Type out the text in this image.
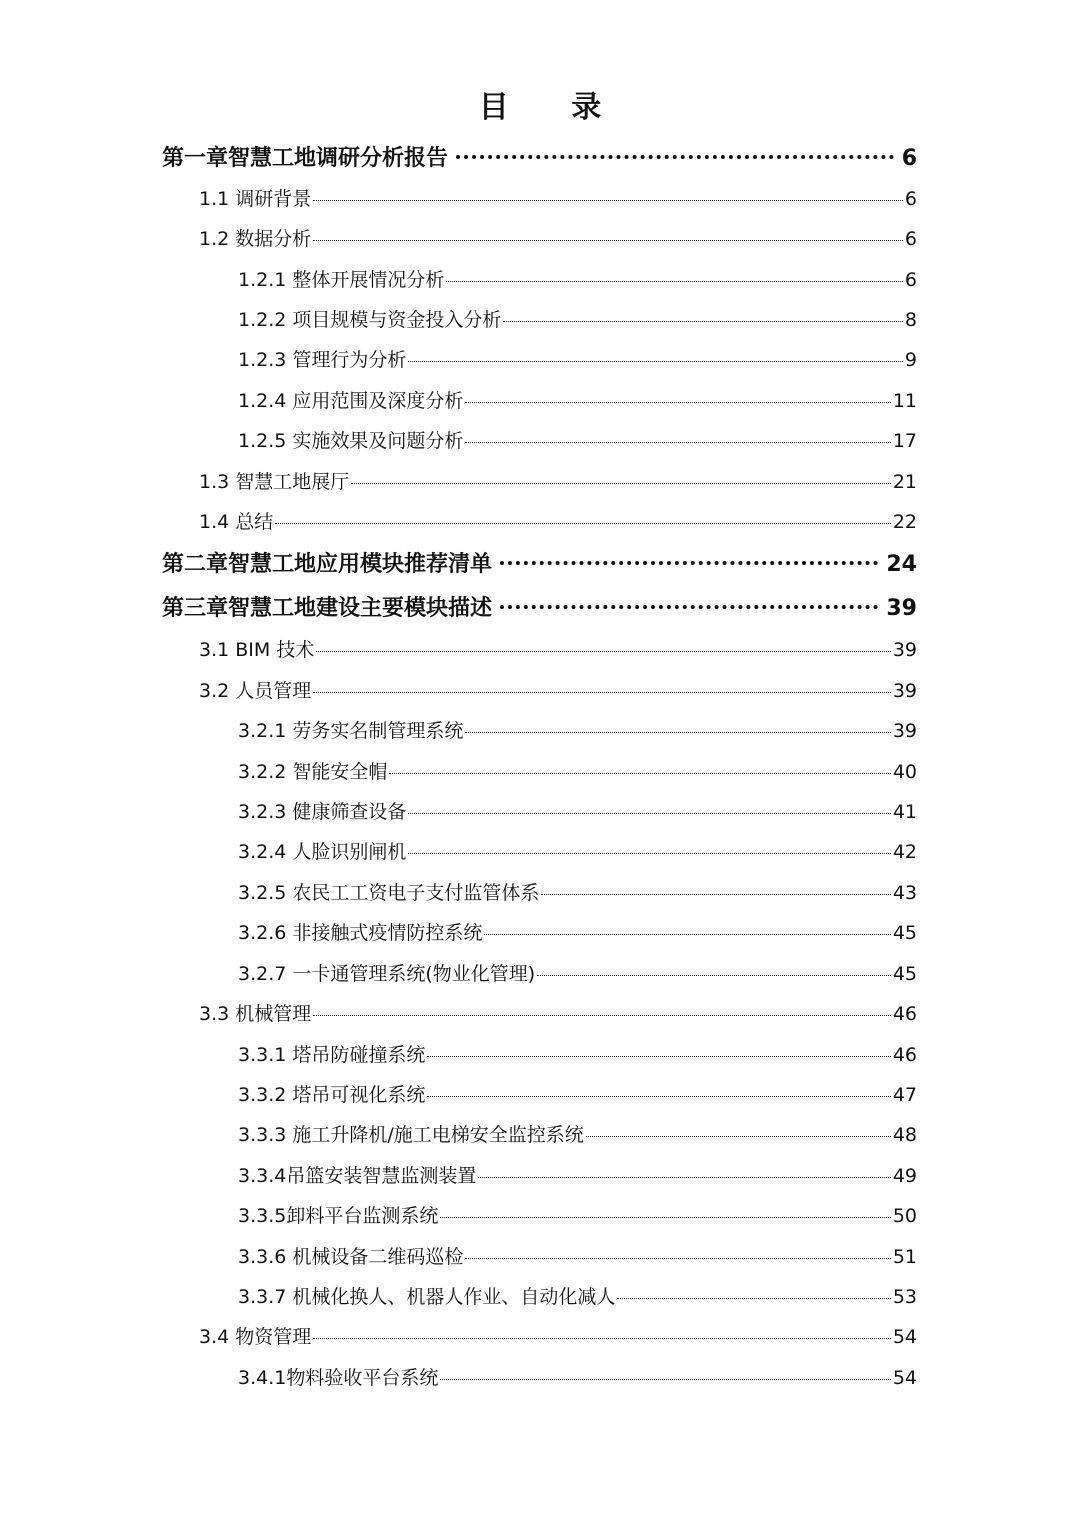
目 录
第一章智慧工地调研分析报告	6
1.1 调研背景	6
1.2 数据分析	6
1.2.1 整体开展情况分析	6
1.2.2 项目规模与资金投入分析	8
1.2.3 管理行为分析	9
1.2.4 应用范围及深度分析	11
1.2.5 实施效果及问题分析	17
1.3 智慧工地展厅	21
1.4 总结	22
第二章智慧工地应用模块推荐清单	24
第三章智慧工地建设主要模块描述	39
3.1 BIM 技术	39
3.2 人员管理	39
3.2.1 劳务实名制管理系统	39
3.2.2 智能安全帽	40
3.2.3 健康筛查设备	41
3.2.4 人脸识别闸机	42
3.2.5 农民工工资电子支付监管体系	43
3.2.6 非接触式疫情防控系统	45
3.2.7 一卡通管理系统(物业化管理)	45
3.3 机械管理	46
3.3.1 塔吊防碰撞系统	46
3.3.2 塔吊可视化系统	47
3.3.3 施工升降机/施工电梯安全监控系统	48
3.3.4吊篮安装智慧监测装置	49
3.3.5卸料平台监测系统	50
3.3.6 机械设备二维码巡检	51
3.3.7 机械化换人、机器人作业、自动化减人	53
3.4 物资管理	54
3.4.1物料验收平台系统	54
